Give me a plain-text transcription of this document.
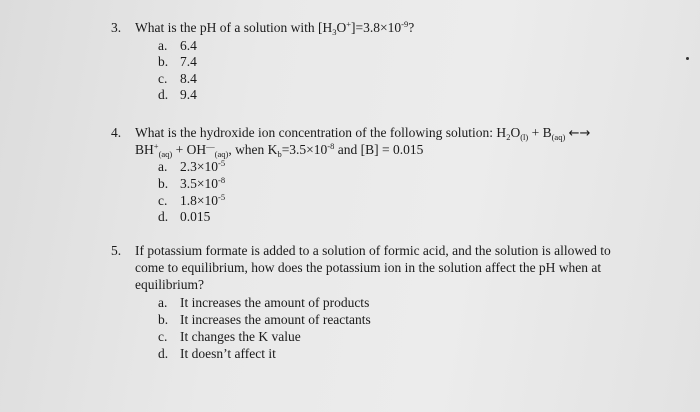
3. What is the pH of a solution with $[H_3O^+]=3.8\times 10^{-9}$?
a. 6.4
b. 7.4
c. 8.4
d. 9.4
4. What is the hydroxide ion concentration of the following solution: $H_2O_{(l)} + B_{(aq)}$ ←→
$BH^+_{(aq)} + OH^—_{(aq)}$, when $K_b=3.5\times 10^{-8}$ and [B] = 0.015
a. $2.3\times 10^{-5}$
b. $3.5\times 10^{-8}$
c. $1.8\times 10^{-5}$
d. 0.015
5. If potassium formate is added to a solution of formic acid, and the solution is allowed to
come to equilibrium, how does the potassium ion in the solution affect the pH when at
equilibrium?
a. It increases the amount of products
b. It increases the amount of reactants
c. It changes the K value
d. It doesn’t affect it
